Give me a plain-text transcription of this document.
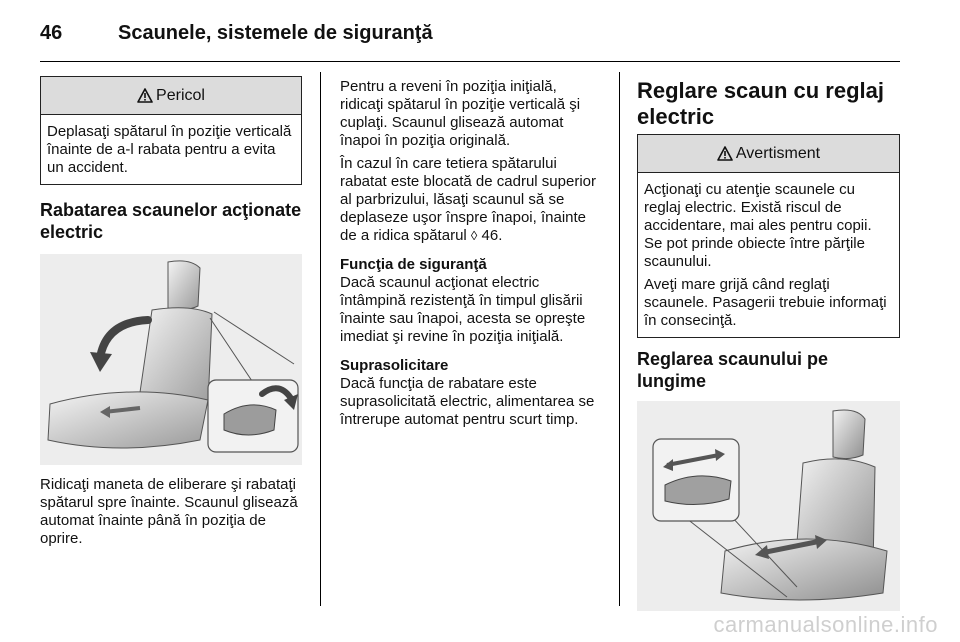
46	Scaunele, sistemele de siguranţă
Pericol

Deplasaţi spătarul în poziţie verticală înainte de a-l rabata pentru a evita un accident.

Rabatarea scaunelor acţionate electric

Ridicaţi maneta de eliberare şi rabataţi spătarul spre înainte. Scaunul glisează automat înainte până în poziţia de oprire.

Pentru a reveni în poziţia iniţială, ridicaţi spătarul în poziţie verticală şi cuplaţi. Scaunul glisează automat înapoi în poziţia originală.

În cazul în care tetiera spătarului rabatat este blocată de cadrul superior al parbrizului, lăsaţi scaunul să se deplaseze uşor înspre înapoi, înainte de a ridica spătarul ◊ 46.

Funcţia de siguranţă

Dacă scaunul acţionat electric întâmpină rezistenţă în timpul glisării înainte sau înapoi, acesta se opreşte imediat şi revine în poziţia iniţială.

Suprasolicitare

Dacă funcţia de rabatare este suprasolicitată electric, alimentarea se întrerupe automat pentru scurt timp.

Reglare scaun cu reglaj electric
Avertisment

Acţionaţi cu atenţie scaunele cu reglaj electric. Există riscul de accidentare, mai ales pentru copii. Se pot prinde obiecte între părţile scaunului.

Aveţi mare grijă când reglaţi scaunele. Pasagerii trebuie informaţi în consecinţă.

Reglarea scaunului pe lungime
carmanualsonline.info
